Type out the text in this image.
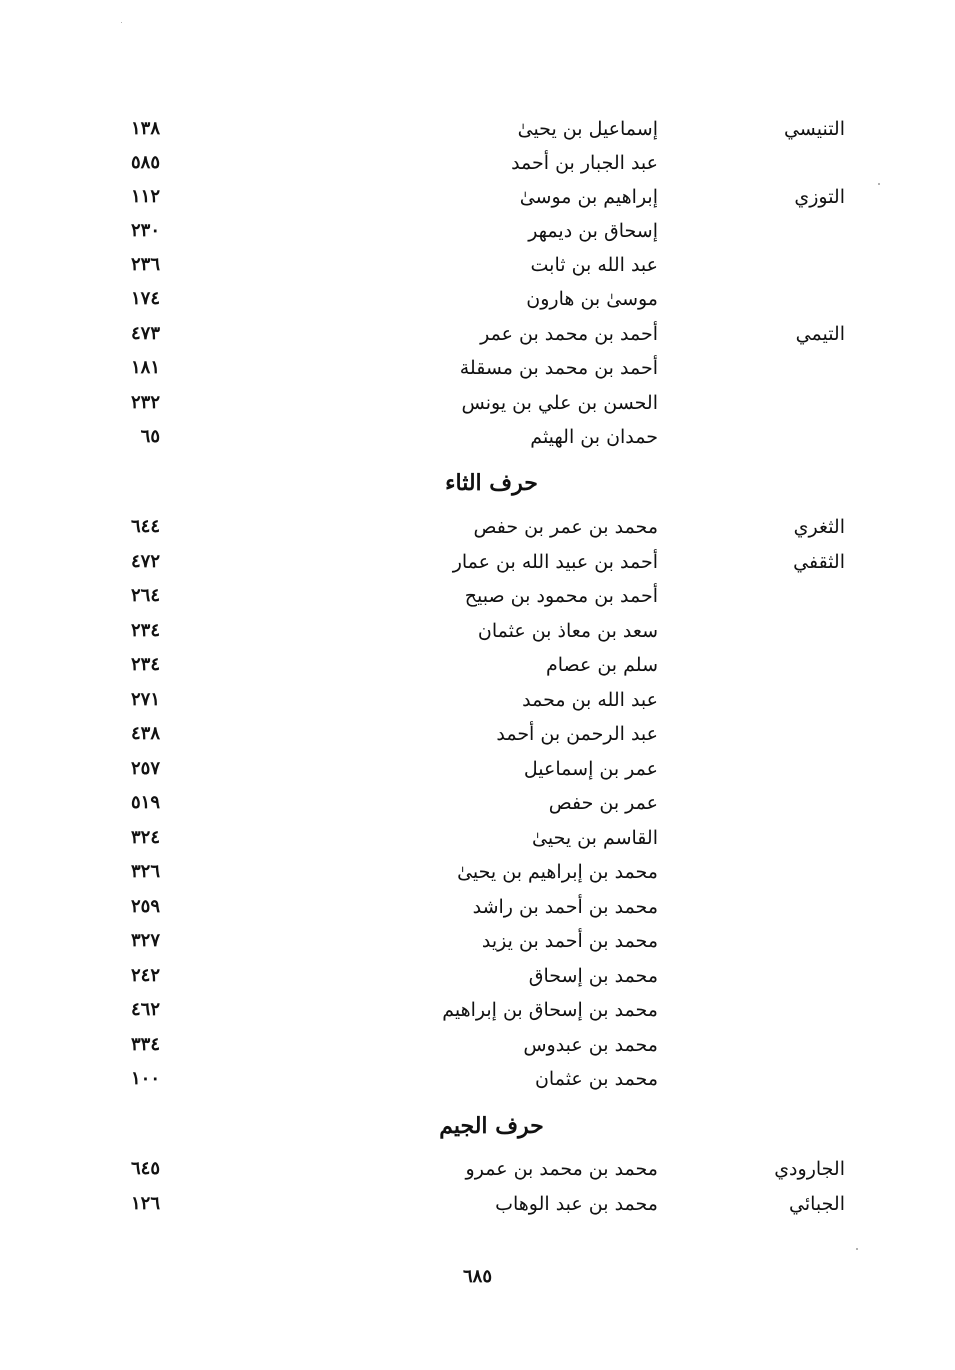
التنيسي
إسماعيل بن يحيىٰ
١٣٨
عبد الجبار بن أحمد
٥٨٥
التوزي
إبراهيم بن موسىٰ
١١٢
إسحاق بن ديمهر
٢٣٠
عبد الله بن ثابت
٢٣٦
موسىٰ بن هارون
١٧٤
التيمي
أحمد بن محمد بن عمر
٤٧٣
أحمد بن محمد بن مسقلة
١٨١
الحسن بن علي بن يونس
٢٣٢
حمدان بن الهيثم
٦٥
حرف الثاء
الثغري
محمد بن عمر بن حفص
٦٤٤
الثقفي
أحمد بن عبيد الله بن عمار
٤٧٢
أحمد بن محمود بن صبيح
٢٦٤
سعد بن معاذ بن عثمان
٢٣٤
سلم بن عصام
٢٣٤
عبد الله بن محمد
٢٧١
عبد الرحمن بن أحمد
٤٣٨
عمر بن إسماعيل
٢٥٧
عمر بن حفص
٥١٩
القاسم بن يحيىٰ
٣٢٤
محمد بن إبراهيم بن يحيىٰ
٣٢٦
محمد بن أحمد بن راشد
٢٥٩
محمد بن أحمد بن يزيد
٣٢٧
محمد بن إسحاق
٢٤٢
محمد بن إسحاق بن إبراهيم
٤٦٢
محمد بن عبدوس
٣٣٤
محمد بن عثمان
١٠٠
حرف الجيم
الجارودي
محمد بن محمد بن عمرو
٦٤٥
الجبائي
محمد بن عبد الوهاب
١٢٦
٦٨٥
